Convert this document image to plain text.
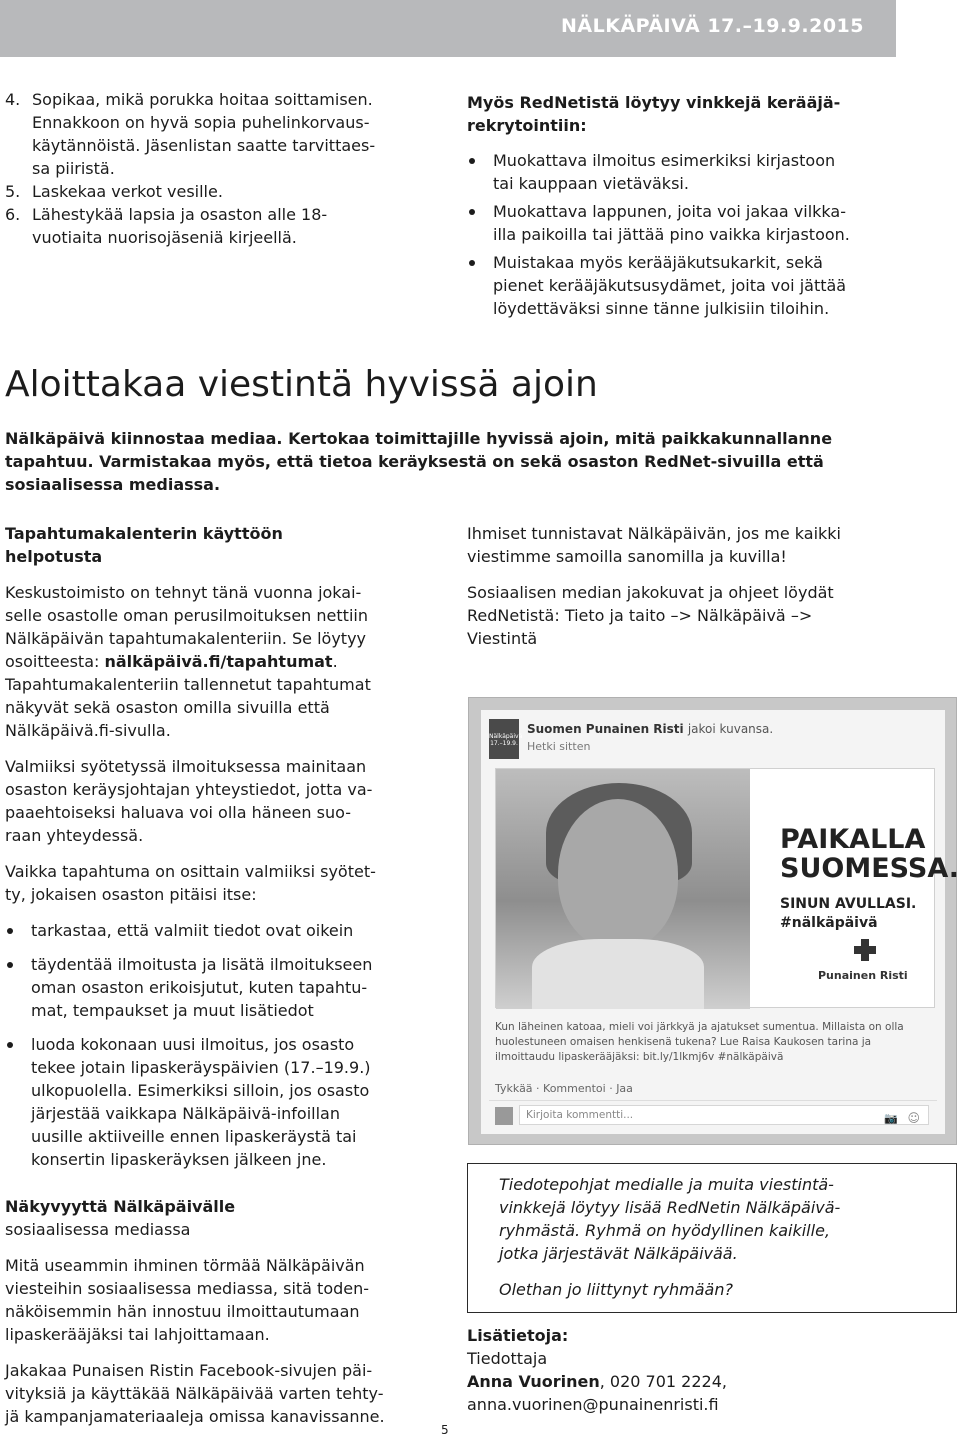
NÄLKÄPÄIVÄ 17.–19.9.2015
4. Sopikaa, mikä porukka hoitaa soittamisen.

Ennakkoon on hyvä sopia puhelinkorvaus-

käytännöistä. Jäsenlistan saatte tarvittaes-

sa piiristä.

5. Laskekaa verkot vesille.

6. Lähestykää lapsia ja osaston alle 18-

vuotiaita nuorisojäseniä kirjeellä.

Myös RedNetistä löytyy vinkkejä kerääjä-

rekrytointiin:

Muokattava ilmoitus esimerkiksi kirjastoon

tai kauppaan vietäväksi.

Muokattava lappunen, joita voi jakaa vilkka-

illa paikoilla tai jättää pino vaikka kirjastoon.

Muistakaa myös kerääjäkutsukarkit, sekä

pienet kerääjäkutsusydämet, joita voi jättää

löydettäväksi sinne tänne julkisiin tiloihin.

Aloittakaa viestintä hyvissä ajoin

Nälkäpäivä kiinnostaa mediaa. Kertokaa toimittajille hyvissä ajoin, mitä paikkakunnallanne

tapahtuu. Varmistakaa myös, että tietoa keräyksestä on sekä osaston RedNet-sivuilla että

sosiaalisessa mediassa.

Tapahtumakalenterin käyttöön

helpotusta

Keskustoimisto on tehnyt tänä vuonna jokai-

selle osastolle oman perusilmoituksen nettiin

Nälkäpäivän tapahtumakalenteriin. Se löytyy

osoitteesta: nälkäpäivä.fi/tapahtumat.

Tapahtumakalenteriin tallennetut tapahtumat

näkyvät sekä osaston omilla sivuilla että

Nälkäpäivä.fi-sivulla.

Valmiiksi syötetyssä ilmoituksessa mainitaan

osaston keräysjohtajan yhteystiedot, jotta va-

paaehtoiseksi haluava voi olla häneen suo-

raan yhteydessä.

Vaikka tapahtuma on osittain valmiiksi syötet-

ty, jokaisen osaston pitäisi itse:

tarkastaa, että valmiit tiedot ovat oikein

täydentää ilmoitusta ja lisätä ilmoitukseen

oman osaston erikoisjutut, kuten tapahtu-

mat, tempaukset ja muut lisätiedot

luoda kokonaan uusi ilmoitus, jos osasto

tekee jotain lipaskeräyspäivien (17.–19.9.)

ulkopuolella. Esimerkiksi silloin, jos osasto

järjestää vaikkapa Nälkäpäivä-infoillan

uusille aktiiveille ennen lipaskeräystä tai

konsertin lipaskeräyksen jälkeen jne.

Näkyvyyttä Nälkäpäivälle

sosiaalisessa mediassa

Mitä useammin ihminen törmää Nälkäpäivän

viesteihin sosiaalisessa mediassa, sitä toden-

näköisemmin hän innostuu ilmoittautumaan

lipaskerääjäksi tai lahjoittamaan.

Jakakaa Punaisen Ristin Facebook-sivujen päi-

vityksiä ja käyttäkää Nälkäpäivää varten tehty-

jä kampanjamateriaaleja omissa kanavissanne.

Ihmiset tunnistavat Nälkäpäivän, jos me kaikki

viestimme samoilla sanomilla ja kuvilla!

Sosiaalisen median jakokuvat ja ohjeet löydät

RedNetistä: Tieto ja taito –> Nälkäpäivä –>

Viestintä

Nälkäpäivä 17.–19.9.
Suomen Punainen Risti jakoi kuvansa.
Hetki sitten

PAIKALLA

SUOMESSA.

SINUN AVULLASI.

#nälkäpäivä

Punainen Risti

Kun läheinen katoaa, mieli voi järkkyä ja ajatukset sumentua. Millaista on olla

huolestuneen omaisen henkisenä tukena? Lue Raisa Kaukosen tarina ja

ilmoittaudu lipaskerääjäksi: bit.ly/1lkmj6v #nälkäpäivä

Tykkää · Kommentoi · Jaa
Kirjoita kommentti...	📷 ☺

Tiedotepohjat medialle ja muita viestintä-

vinkkejä löytyy lisää RedNetin Nälkäpäivä-

ryhmästä. Ryhmä on hyödyllinen kaikille,

jotka järjestävät Nälkäpäivää.

Olethan jo liittynyt ryhmään?

Lisätietoja:

Tiedottaja

Anna Vuorinen, 020 701 2224,

anna.vuorinen@punainenristi.fi

5
